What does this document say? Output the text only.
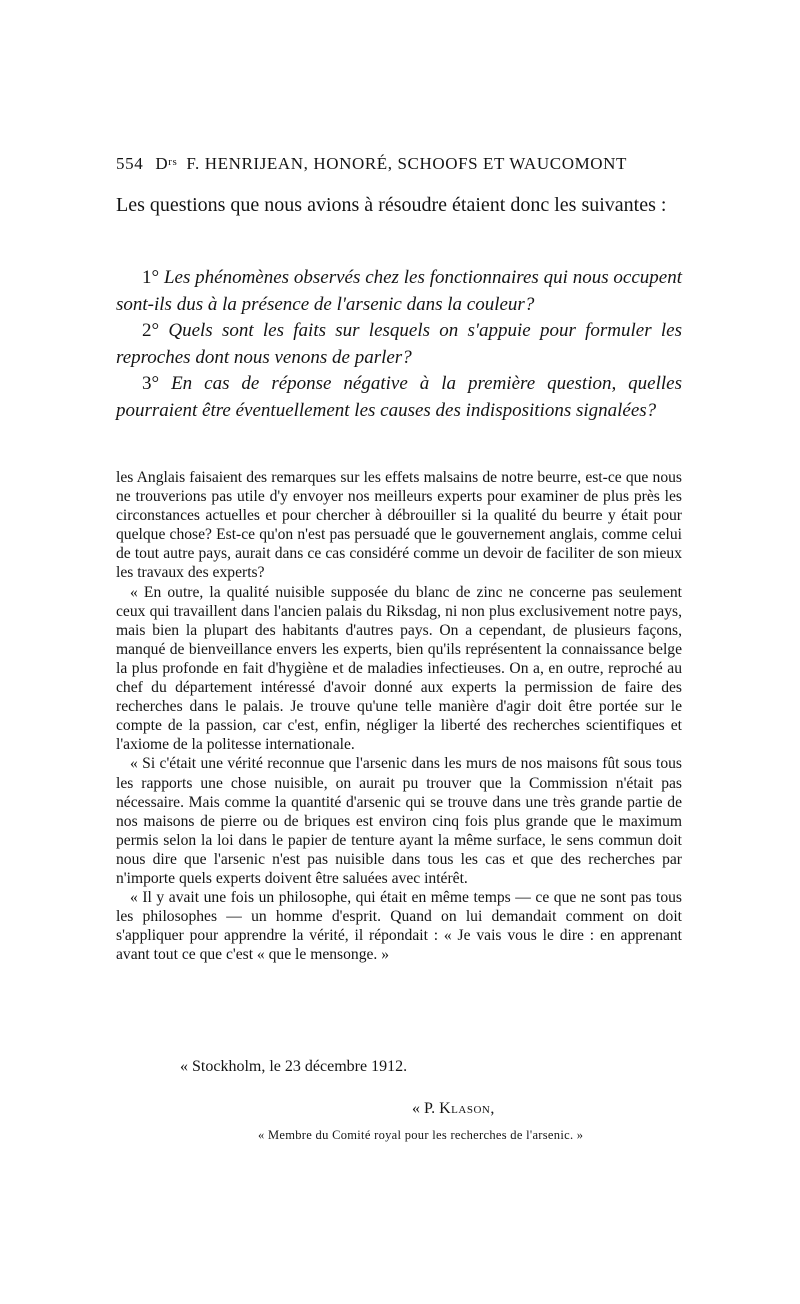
554 $D^{rs}$ F. HENRIJEAN, HONORÉ, SCHOOFS ET WAUCOMONT

Les questions que nous avions à résoudre étaient donc les suivantes :

1° Les phénomènes observés chez les fonctionnaires qui nous occupent sont-ils dus à la présence de l'arsenic dans la couleur?

2° Quels sont les faits sur lesquels on s'appuie pour formuler les reproches dont nous venons de parler?

3° En cas de réponse négative à la première question, quelles pourraient être éventuellement les causes des indispositions signalées?

les Anglais faisaient des remarques sur les effets malsains de notre beurre, est-ce que nous ne trouverions pas utile d'y envoyer nos meilleurs experts pour examiner de plus près les circonstances actuelles et pour chercher à débrouiller si la qualité du beurre y était pour quelque chose? Est-ce qu'on n'est pas persuadé que le gouvernement anglais, comme celui de tout autre pays, aurait dans ce cas considéré comme un devoir de faciliter de son mieux les travaux des experts?

« En outre, la qualité nuisible supposée du blanc de zinc ne concerne pas seulement ceux qui travaillent dans l'ancien palais du Riksdag, ni non plus exclusivement notre pays, mais bien la plupart des habitants d'autres pays. On a cependant, de plusieurs façons, manqué de bienveillance envers les experts, bien qu'ils représentent la connaissance belge la plus profonde en fait d'hygiène et de maladies infectieuses. On a, en outre, reproché au chef du département intéressé d'avoir donné aux experts la permission de faire des recherches dans le palais. Je trouve qu'une telle manière d'agir doit être portée sur le compte de la passion, car c'est, enfin, négliger la liberté des recherches scientifiques et l'axiome de la politesse internationale.

« Si c'était une vérité reconnue que l'arsenic dans les murs de nos maisons fût sous tous les rapports une chose nuisible, on aurait pu trouver que la Commission n'était pas nécessaire. Mais comme la quantité d'arsenic qui se trouve dans une très grande partie de nos maisons de pierre ou de briques est environ cinq fois plus grande que le maximum permis selon la loi dans le papier de tenture ayant la même surface, le sens commun doit nous dire que l'arsenic n'est pas nuisible dans tous les cas et que des recherches par n'importe quels experts doivent être saluées avec intérêt.

« Il y avait une fois un philosophe, qui était en même temps — ce que ne sont pas tous les philosophes — un homme d'esprit. Quand on lui demandait comment on doit s'appliquer pour apprendre la vérité, il répondait : « Je vais vous le dire : en apprenant avant tout ce que c'est « que le mensonge. »

« Stockholm, le 23 décembre 1912.
« P. Klason,
« Membre du Comité royal pour les recherches de l'arsenic. »
